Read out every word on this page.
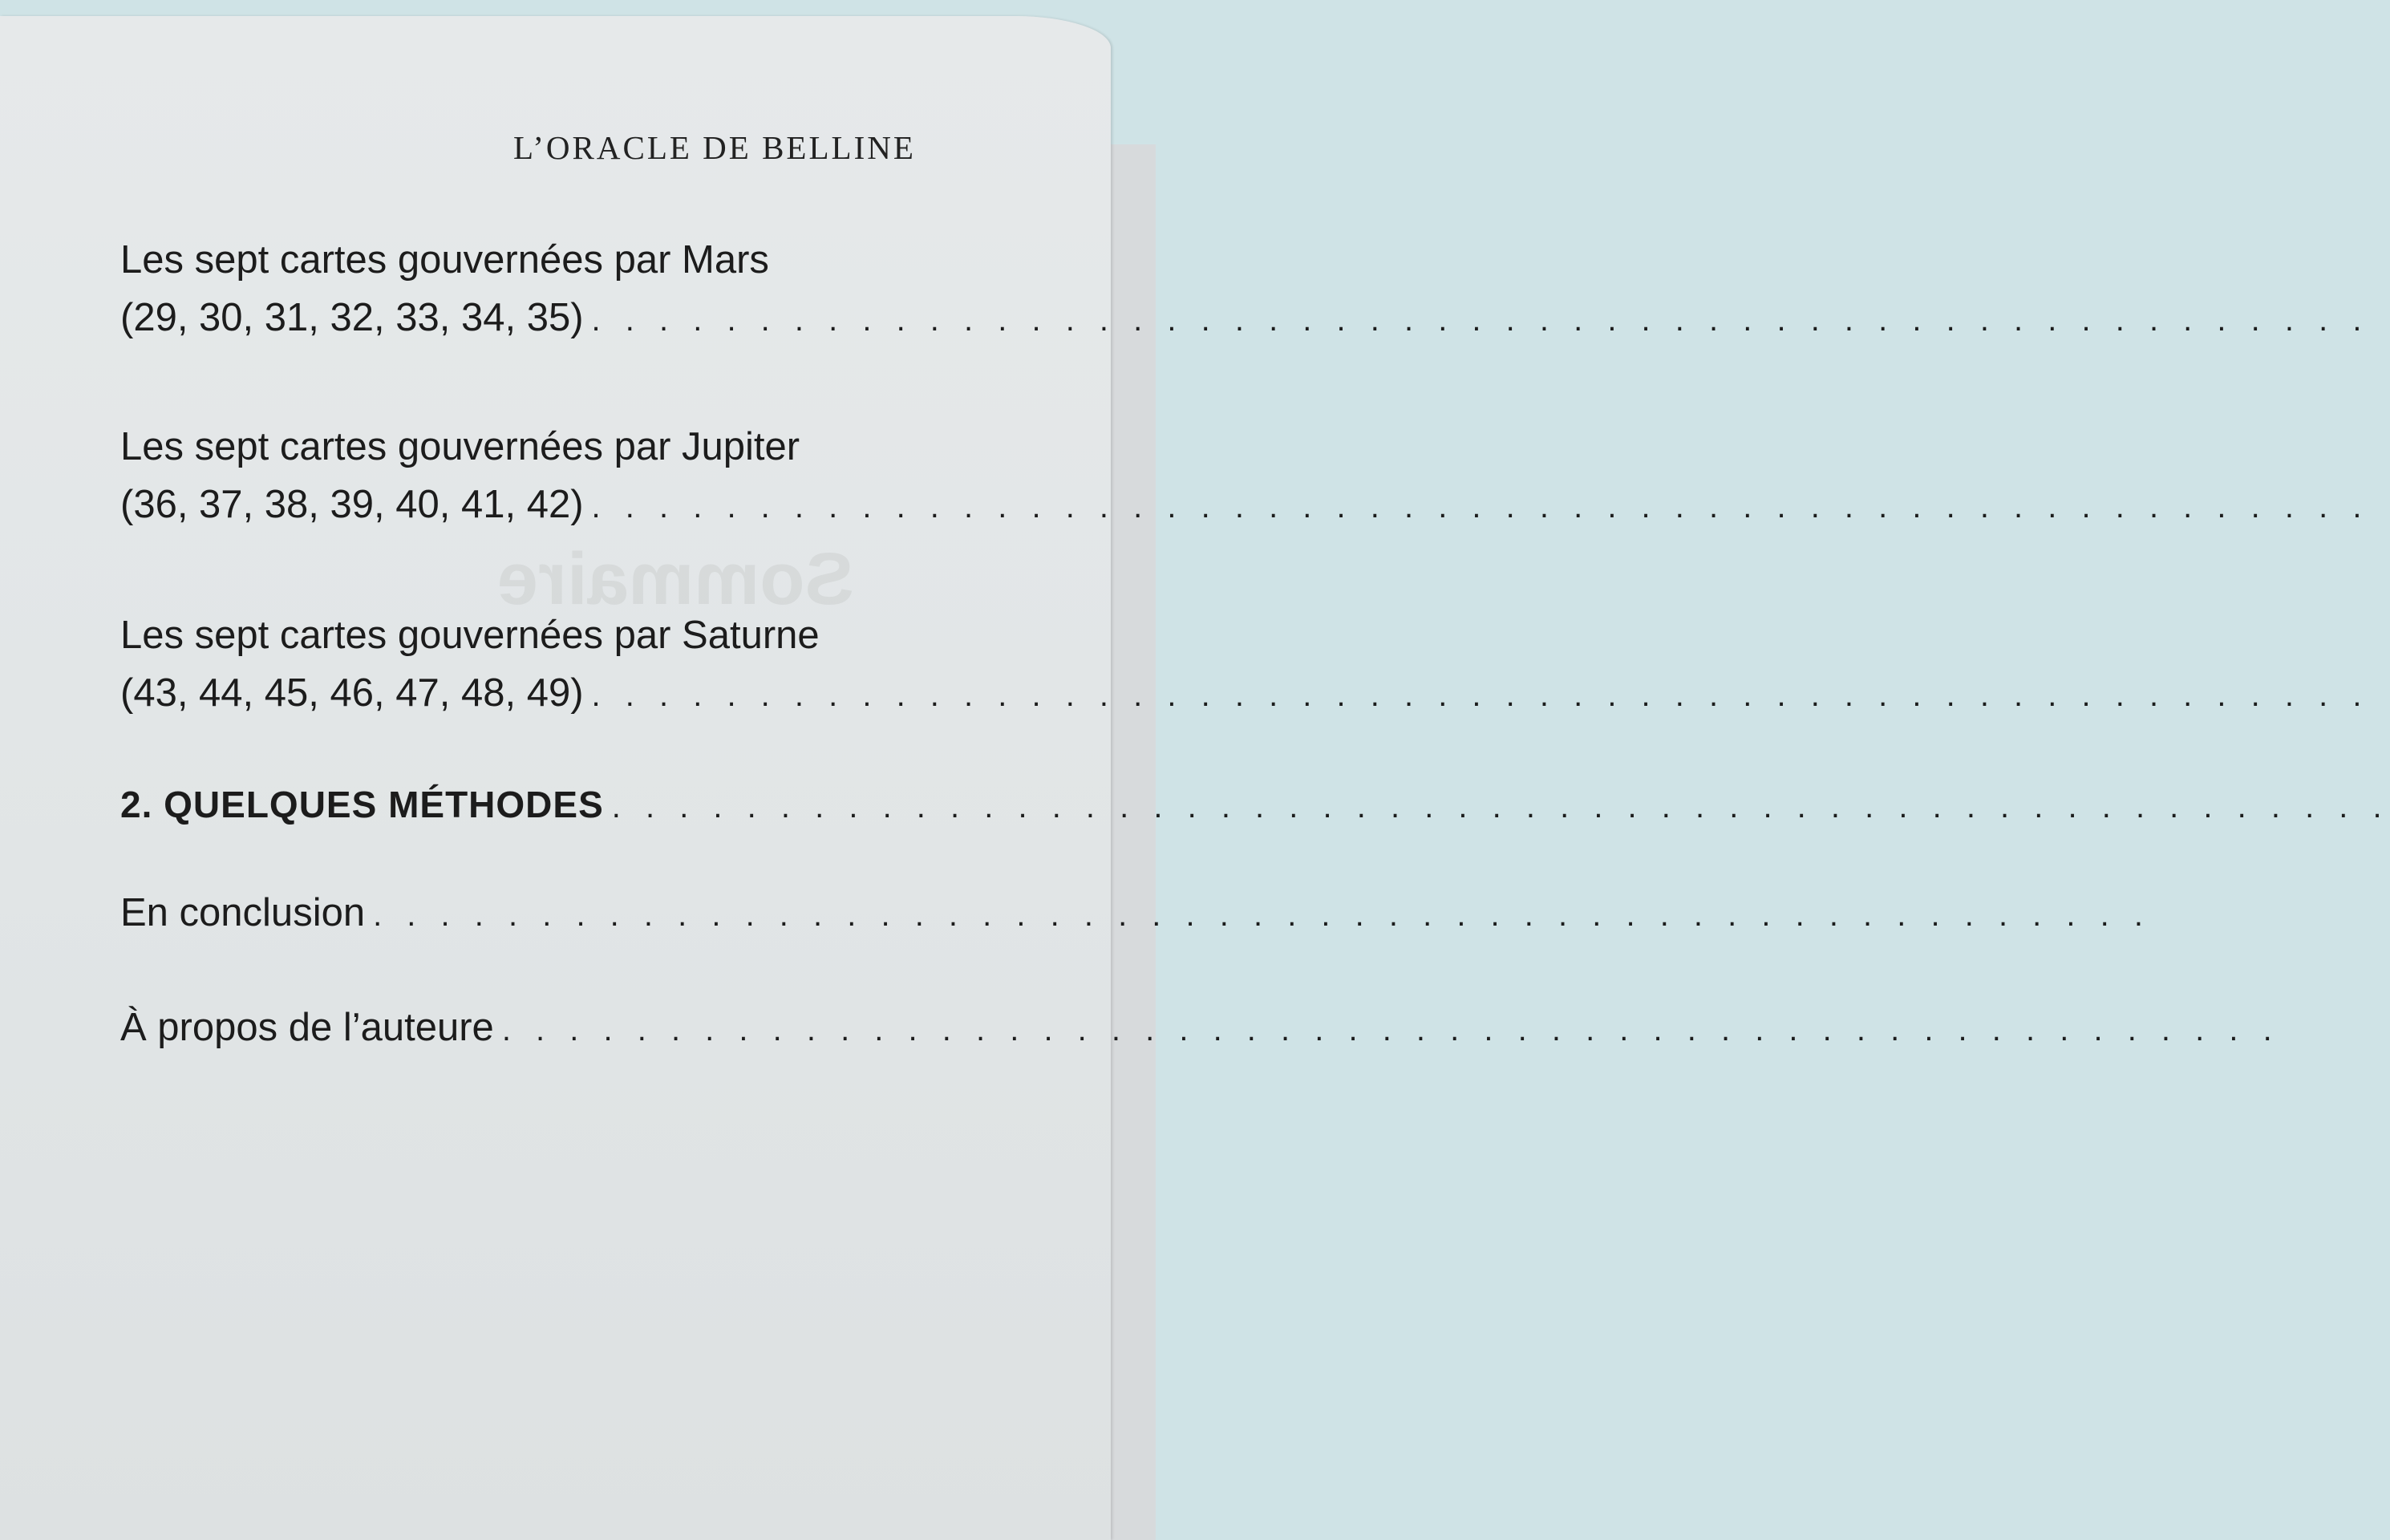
Sommaire

L’ORACLE DE BELLINE
Les sept cartes gouvernées par Mars
(29, 30, 31, 32, 33, 34, 35) . . . . . . . . . . . . . . . . . . . . . . . . . . . . . . . . . . . . . . . . . . . . . . . . . . . . .
Les sept cartes gouvernées par Jupiter
(36, 37, 38, 39, 40, 41, 42) . . . . . . . . . . . . . . . . . . . . . . . . . . . . . . . . . . . . . . . . . . . . . . . . . . . . .
Les sept cartes gouvernées par Saturne
(43, 44, 45, 46, 47, 48, 49) . . . . . . . . . . . . . . . . . . . . . . . . . . . . . . . . . . . . . . . . . . . . . . . . . . . . .
2. QUELQUES MÉTHODES . . . . . . . . . . . . . . . . . . . . . . . . . . . . . . . . . . . . . . . . . . . . . . . . . . . . .
En conclusion . . . . . . . . . . . . . . . . . . . . . . . . . . . . . . . . . . . . . . . . . . . . . . . . . . . . .
À propos de l’auteure . . . . . . . . . . . . . . . . . . . . . . . . . . . . . . . . . . . . . . . . . . . . . . . . . . . . .
